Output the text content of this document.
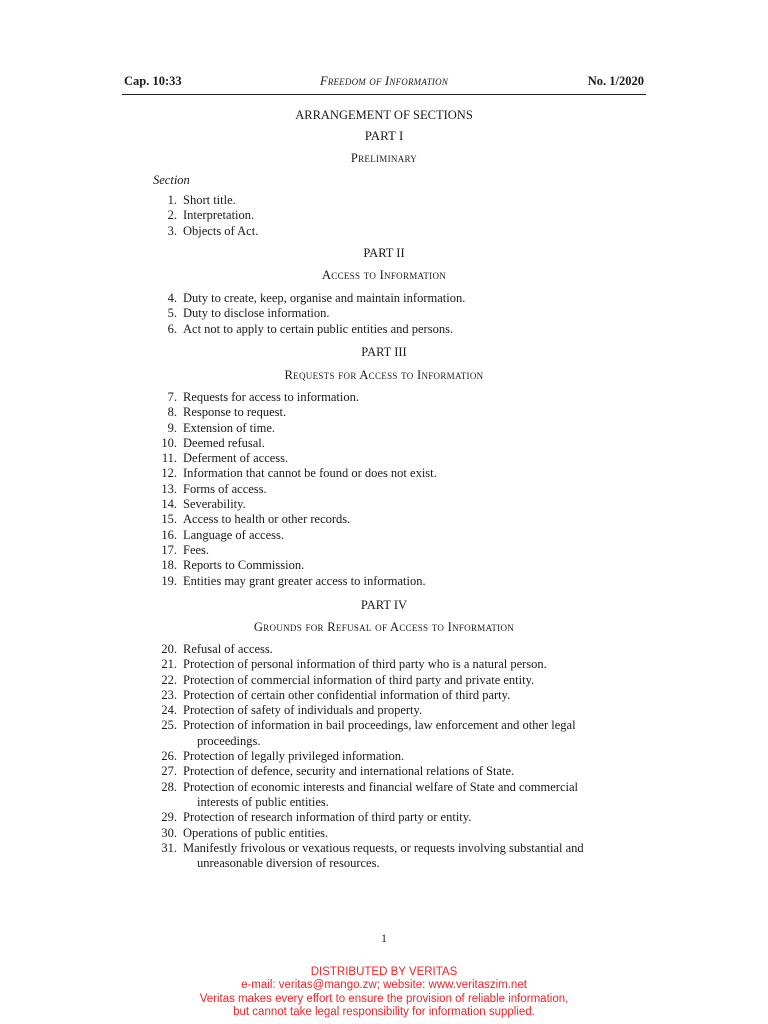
Cap. 10:33	Freedom of Information	No. 1/2020
ARRANGEMENT OF SECTIONS
PART I
Preliminary
Section
1. Short title.
2. Interpretation.
3. Objects of Act.
PART II
Access to Information
4. Duty to create, keep, organise and maintain information.
5. Duty to disclose information.
6. Act not to apply to certain public entities and persons.
PART III
Requests for Access to Information
7. Requests for access to information.
8. Response to request.
9. Extension of time.
10. Deemed refusal.
11. Deferment of access.
12. Information that cannot be found or does not exist.
13. Forms of access.
14. Severability.
15. Access to health or other records.
16. Language of access.
17. Fees.
18. Reports to Commission.
19. Entities may grant greater access to information.
PART IV
Grounds for Refusal of Access to Information
20. Refusal of access.
21. Protection of personal information of third party who is a natural person.
22. Protection of commercial information of third party and private entity.
23. Protection of certain other confidential information of third party.
24. Protection of safety of individuals and property.
25. Protection of information in bail proceedings, law enforcement and other legal
proceedings.
26. Protection of legally privileged information.
27. Protection of defence, security and international relations of State.
28. Protection of economic interests and financial welfare of State and commercial
interests of public entities.
29. Protection of research information of third party or entity.
30. Operations of public entities.
31. Manifestly frivolous or vexatious requests, or requests involving substantial and
unreasonable diversion of resources.
1
DISTRIBUTED BY VERITAS
e-mail: veritas@mango.zw; website: www.veritaszim.net
Veritas makes every effort to ensure the provision of reliable information,
but cannot take legal responsibility for information supplied.
